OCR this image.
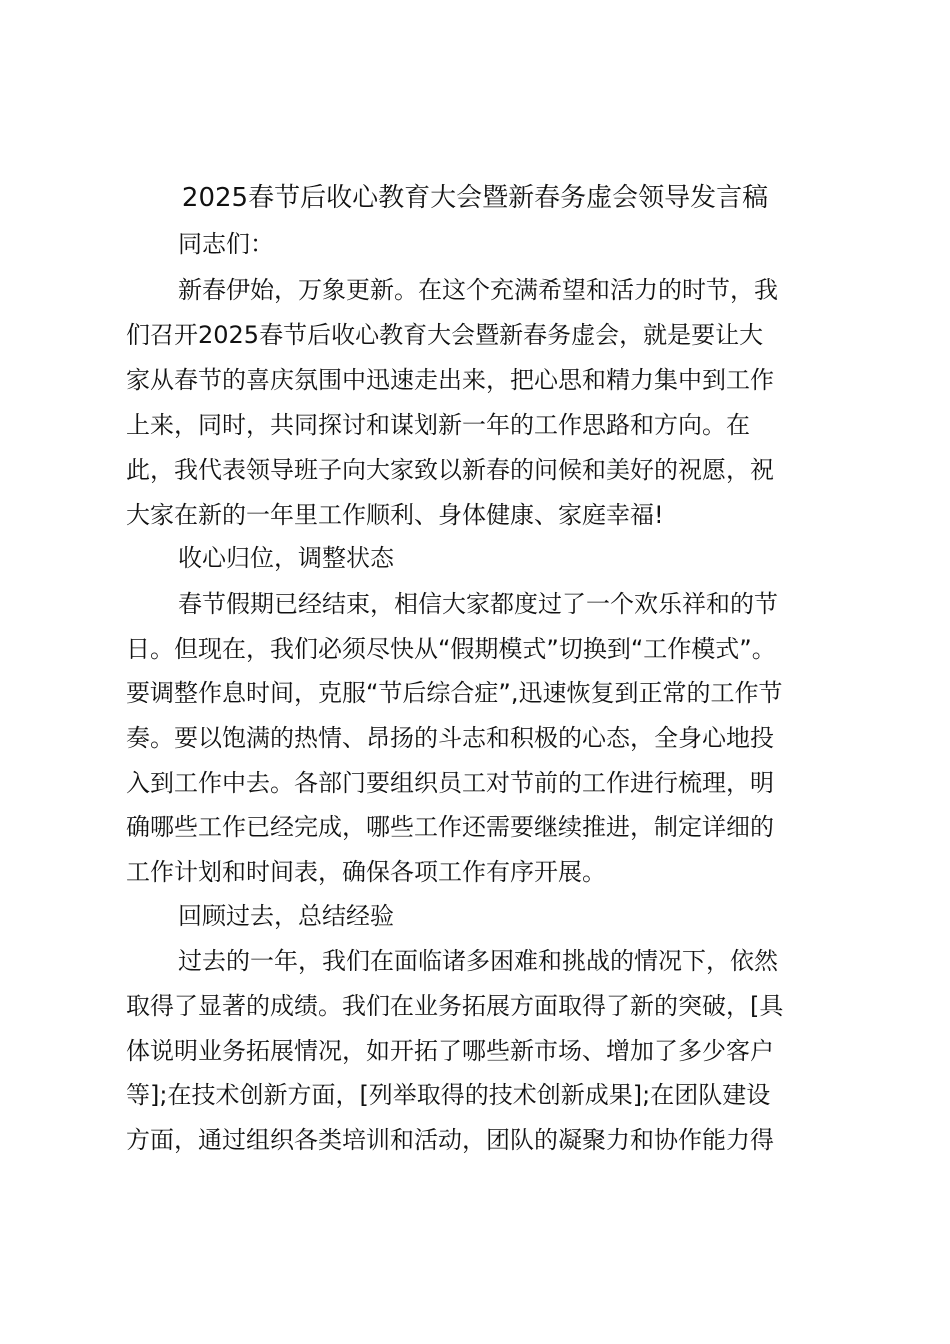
2025春节后收心教育大会暨新春务虚会领导发言稿
同志们：
新春伊始，万象更新。在这个充满希望和活力的时节，我
们召开2025春节后收心教育大会暨新春务虚会，就是要让大
家从春节的喜庆氛围中迅速走出来，把心思和精力集中到工作
上来，同时，共同探讨和谋划新一年的工作思路和方向。在
此，我代表领导班子向大家致以新春的问候和美好的祝愿，祝
大家在新的一年里工作顺利、身体健康、家庭幸福!
收心归位，调整状态
春节假期已经结束，相信大家都度过了一个欢乐祥和的节
日。但现在，我们必须尽快从“假期模式”切换到“工作模式”。
要调整作息时间，克服“节后综合症”,迅速恢复到正常的工作节
奏。要以饱满的热情、昂扬的斗志和积极的心态，全身心地投
入到工作中去。各部门要组织员工对节前的工作进行梳理，明
确哪些工作已经完成，哪些工作还需要继续推进，制定详细的
工作计划和时间表，确保各项工作有序开展。
回顾过去，总结经验
过去的一年，我们在面临诸多困难和挑战的情况下，依然
取得了显著的成绩。我们在业务拓展方面取得了新的突破，[具
体说明业务拓展情况，如开拓了哪些新市场、增加了多少客户
等];在技术创新方面，[列举取得的技术创新成果];在团队建设
方面，通过组织各类培训和活动，团队的凝聚力和协作能力得
